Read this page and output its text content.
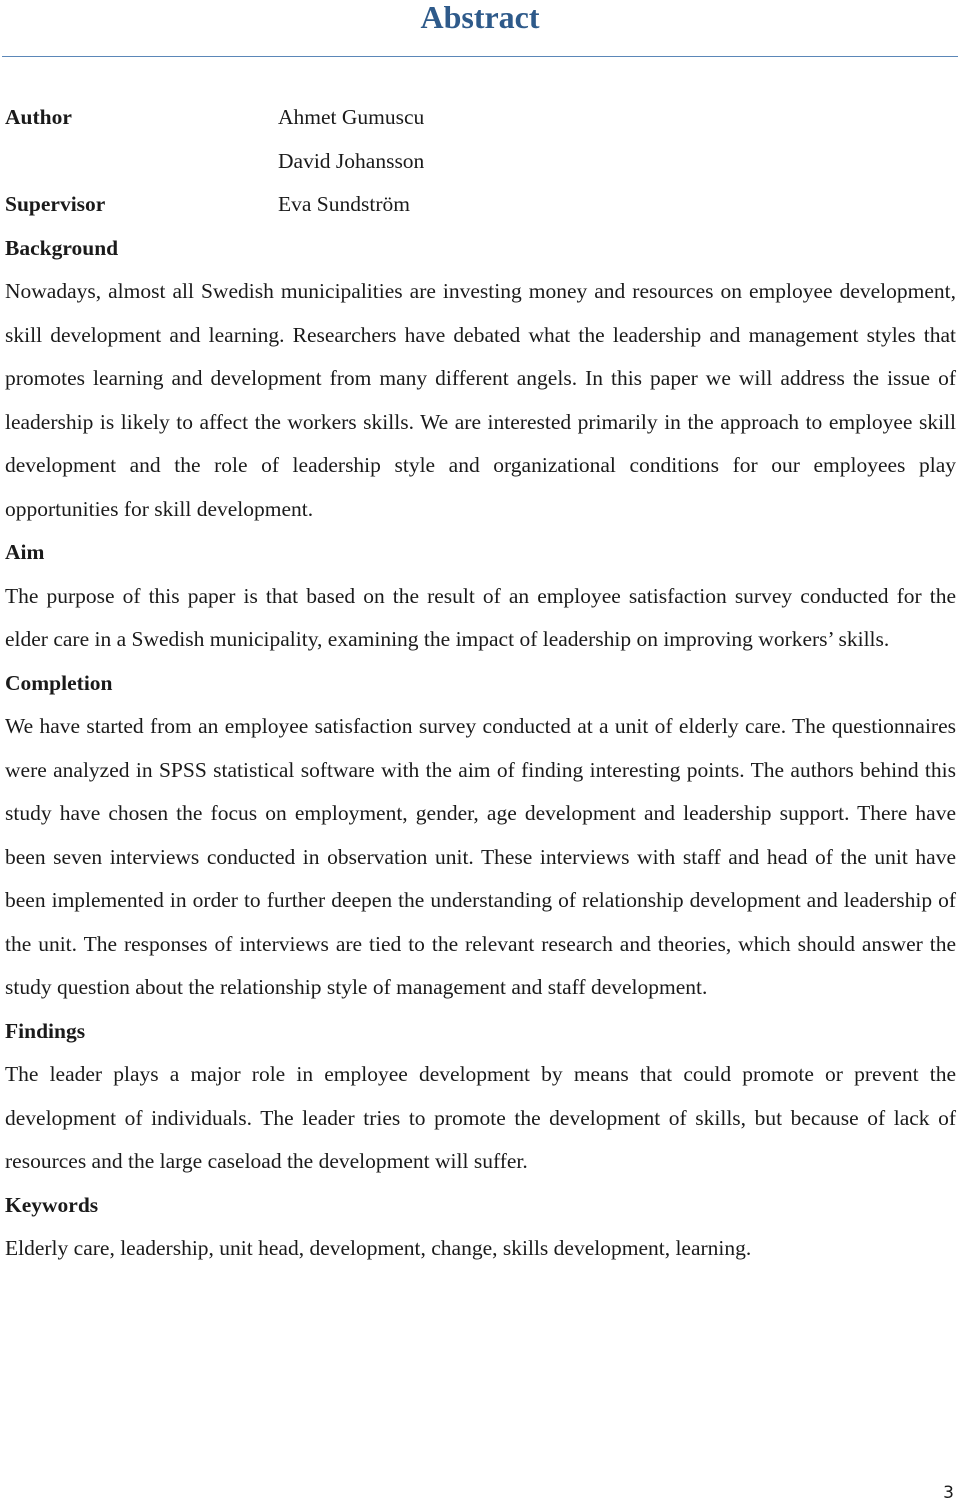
Abstract
Author	Ahmet Gumuscu
David Johansson
Supervisor	Eva Sundström
Background

Nowadays, almost all Swedish municipalities are investing money and resources on employee development, skill development and learning. Researchers have debated what the leadership and management styles that promotes learning and development from many different angels. In this paper we will address the issue of leadership is likely to affect the workers skills. We are interested primarily in the approach to employee skill development and the role of leadership style and organizational conditions for our employees play opportunities for skill development.

Aim

The purpose of this paper is that based on the result of an employee satisfaction survey conducted for the elder care in a Swedish municipality, examining the impact of leadership on improving workers’ skills.

Completion

We have started from an employee satisfaction survey conducted at a unit of elderly care. The questionnaires were analyzed in SPSS statistical software with the aim of finding interesting points. The authors behind this study have chosen the focus on employment, gender, age development and leadership support. There have been seven interviews conducted in observation unit. These interviews with staff and head of the unit have been implemented in order to further deepen the understanding of relationship development and leadership of the unit. The responses of interviews are tied to the relevant research and theories, which should answer the study question about the relationship style of management and staff development.

Findings

The leader plays a major role in employee development by means that could promote or prevent the development of individuals. The leader tries to promote the development of skills, but because of lack of resources and the large caseload the development will suffer.

Keywords

Elderly care, leadership, unit head, development, change, skills development, learning.

3
